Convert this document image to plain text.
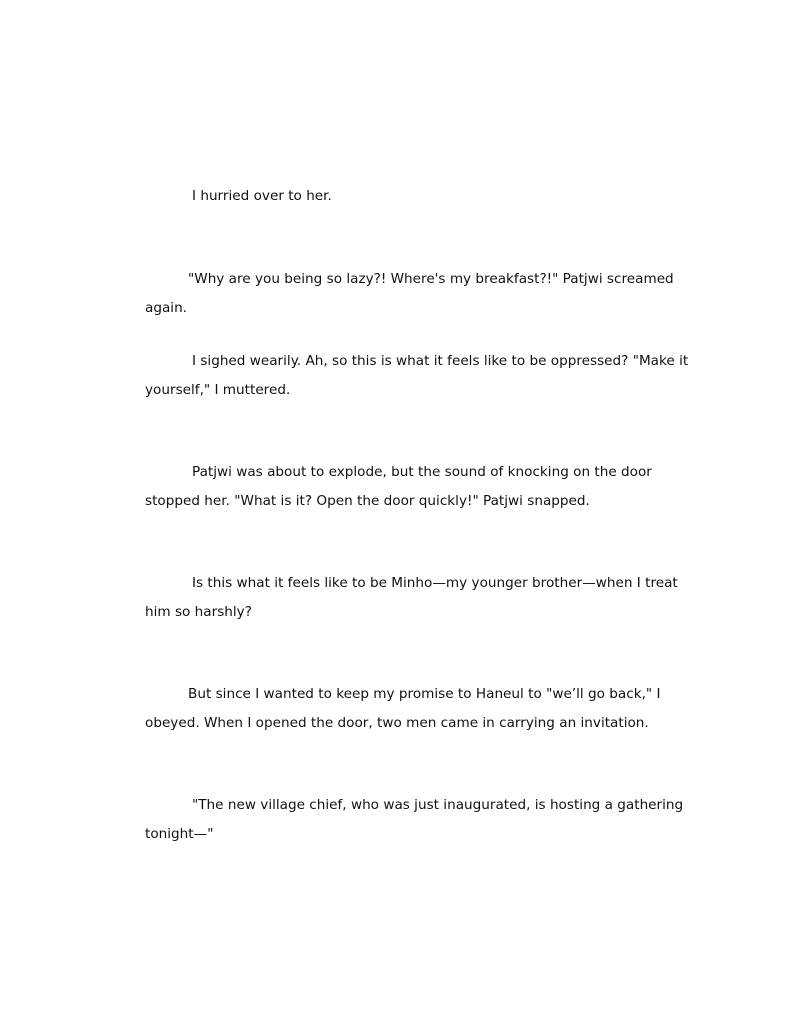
I hurried over to her.

"Why are you being so lazy?! Where's my breakfast?!" Patjwi screamed again.

I sighed wearily. Ah, so this is what it feels like to be oppressed? "Make it yourself," I muttered.

Patjwi was about to explode, but the sound of knocking on the door stopped her. "What is it? Open the door quickly!" Patjwi snapped.

Is this what it feels like to be Minho—my younger brother—when I treat him so harshly?

But since I wanted to keep my promise to Haneul to "we’ll go back," I obeyed. When I opened the door, two men came in carrying an invitation.

"The new village chief, who was just inaugurated, is hosting a gathering tonight—"
